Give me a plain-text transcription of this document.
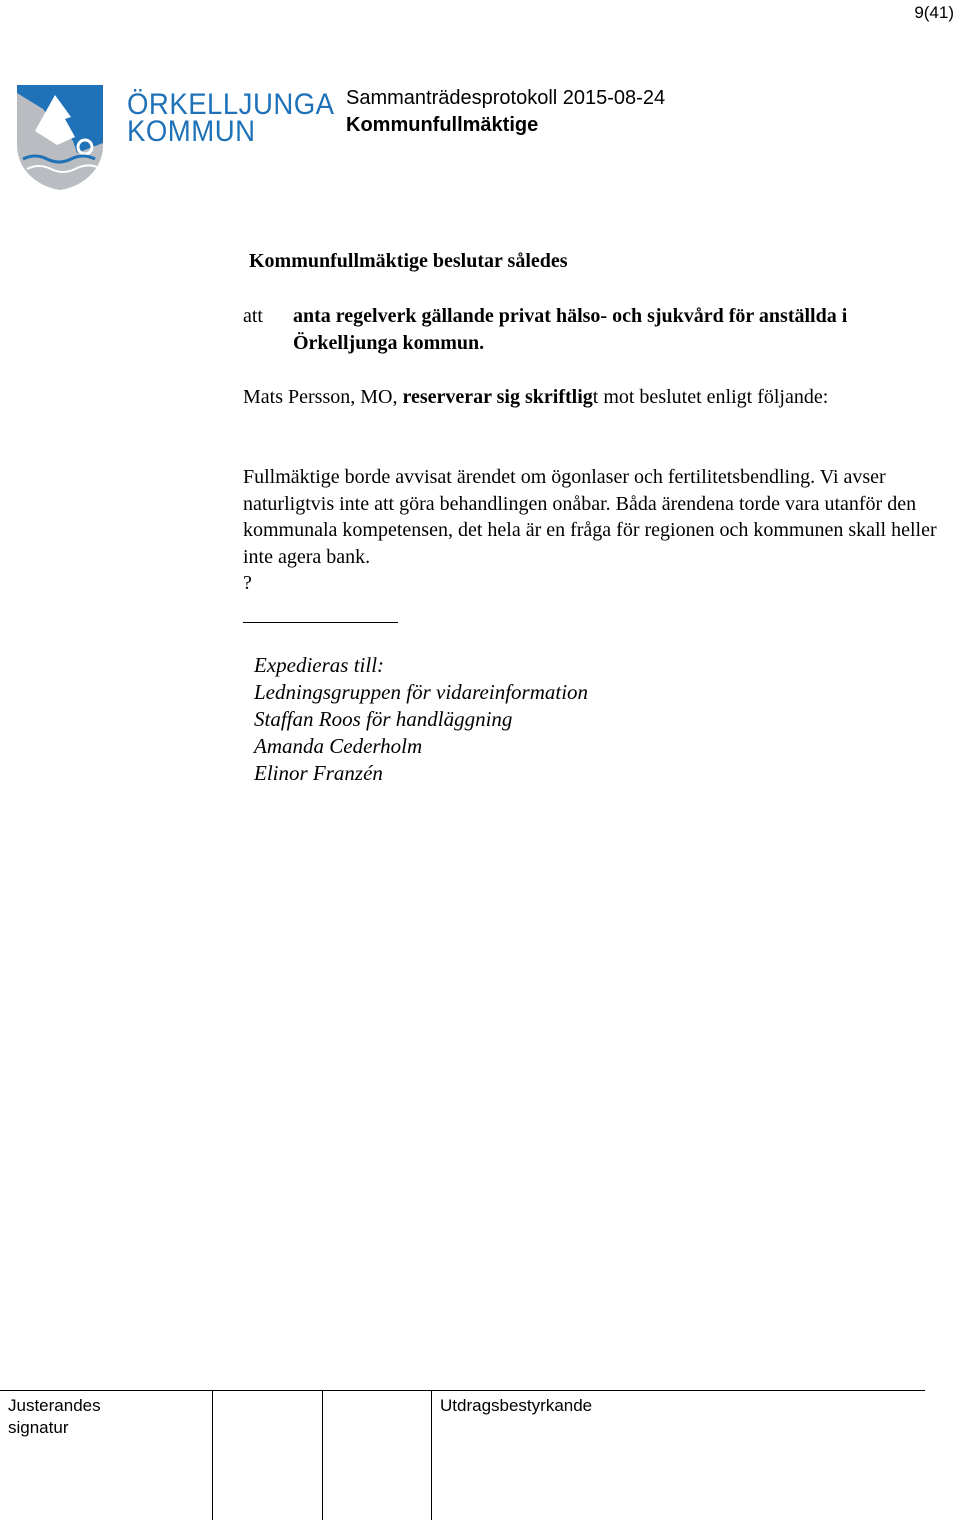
9(41)
ÖRKELLJUNGA
KOMMUN
Sammanträdesprotokoll 2015-08-24
Kommunfullmäktige
Kommunfullmäktige beslutar således
att anta regelverk gällande privat hälso- och sjukvård för anställda i Örkelljunga kommun.
Mats Persson, MO, reserverar sig skriftligt mot beslutet enligt följande:
Fullmäktige borde avvisat ärendet om ögonlaser och fertilitetsbendling. Vi avser naturligtvis inte att göra behandlingen onåbar. Båda ärendena torde vara utanför den kommunala kompetensen, det hela är en fråga för regionen och kommunen skall heller inte agera bank.
?
Expedieras till:
Ledningsgruppen för vidareinformation
Staffan Roos för handläggning
Amanda Cederholm
Elinor Franzén
Justerandes
signatur
Utdragsbestyrkande
